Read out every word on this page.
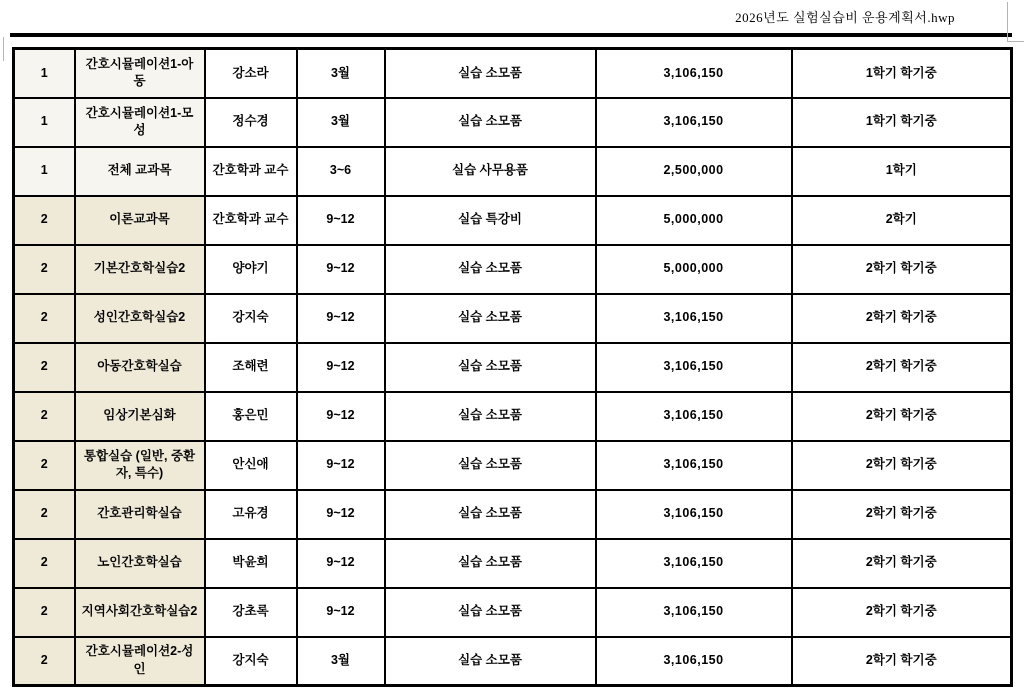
2026년도 실험실습비 운용계획서.hwp
1	간호시뮬레이션1-아동	강소라	3월	실습 소모품	3,106,150	1학기 학기중
1	간호시뮬레이션1-모성	정수경	3월	실습 소모품	3,106,150	1학기 학기중
1	전체 교과목	간호학과 교수	3~6	실습 사무용품	2,500,000	1학기
2	이론교과목	간호학과 교수	9~12	실습 특강비	5,000,000	2학기
2	기본간호학실습2	양야기	9~12	실습 소모품	5,000,000	2학기 학기중
2	성인간호학실습2	강지숙	9~12	실습 소모품	3,106,150	2학기 학기중
2	아동간호학실습	조해련	9~12	실습 소모품	3,106,150	2학기 학기중
2	임상기본심화	홍은민	9~12	실습 소모품	3,106,150	2학기 학기중
2	통합실습 (일반, 중환자, 특수)	안신애	9~12	실습 소모품	3,106,150	2학기 학기중
2	간호관리학실습	고유경	9~12	실습 소모품	3,106,150	2학기 학기중
2	노인간호학실습	박윤희	9~12	실습 소모품	3,106,150	2학기 학기중
2	지역사회간호학실습2	강초록	9~12	실습 소모품	3,106,150	2학기 학기중
2	간호시뮬레이션2-성인	강지숙	3월	실습 소모품	3,106,150	2학기 학기중
